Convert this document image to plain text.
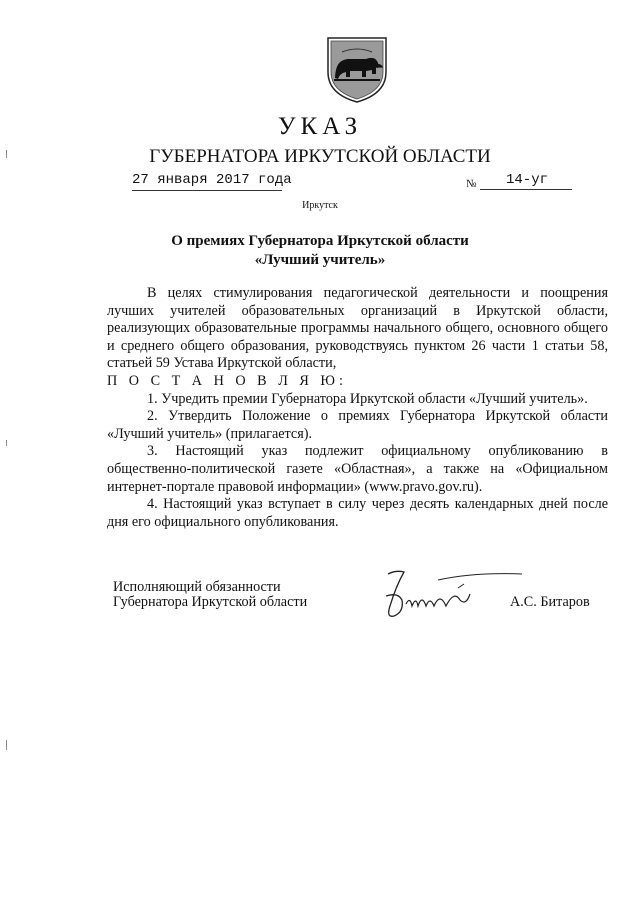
УКАЗ
ГУБЕРНАТОРА ИРКУТСКОЙ ОБЛАСТИ
27 января 2017 года	№ 14-уг
Иркутск
О премиях Губернатора Иркутской области
«Лучший учитель»

В целях стимулирования педагогической деятельности и поощрения лучших учителей образовательных организаций в Иркутской области, реализующих образовательные программы начального общего, основного общего и среднего общего образования, руководствуясь пунктом 26 части 1 статьи 58, статьей 59 Устава Иркутской области,

П О С Т А Н О В Л Я Ю:

1. Учредить премии Губернатора Иркутской области «Лучший учитель».

2. Утвердить Положение о премиях Губернатора Иркутской области «Лучший учитель» (прилагается).

3. Настоящий указ подлежит официальному опубликованию в общественно-политической газете «Областная», а также на «Официальном интернет-портале правовой информации» (www.pravo.gov.ru).

4. Настоящий указ вступает в силу через десять календарных дней после дня его официального опубликования.

Исполняющий обязанности
Губернатора Иркутской области	А.С. Битаров
